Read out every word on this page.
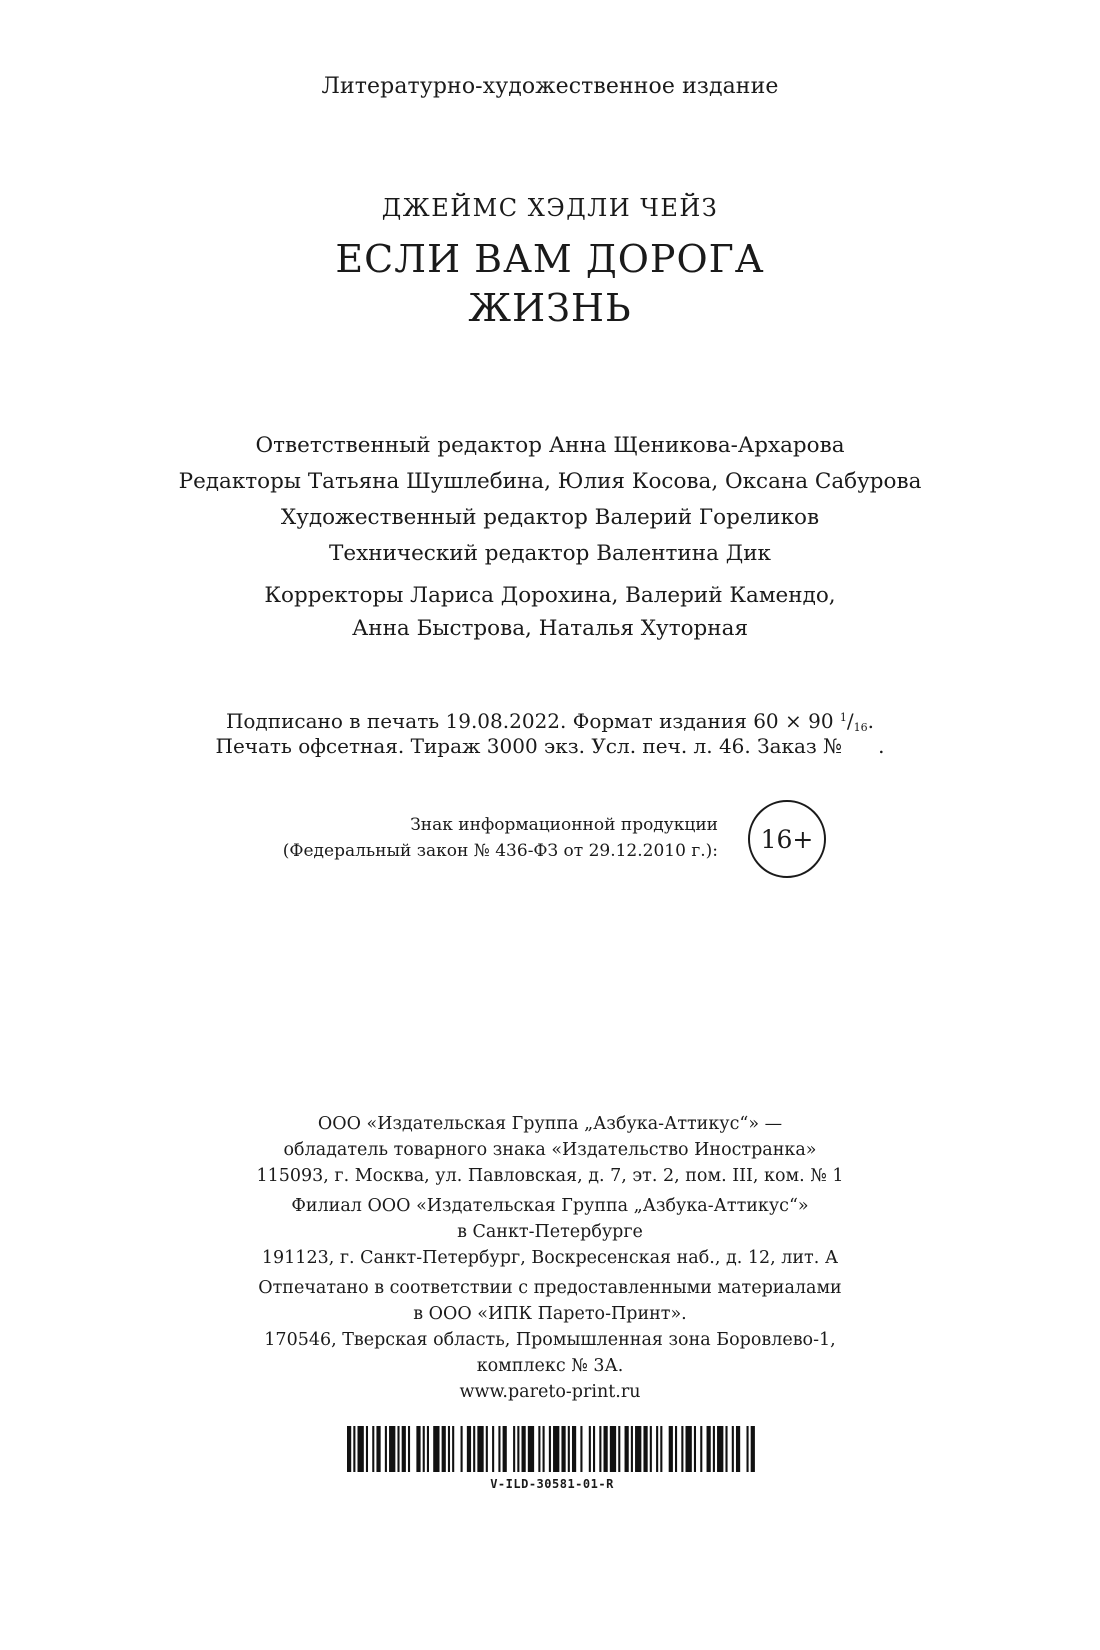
Литературно-художественное издание
ДЖЕЙМС ХЭДЛИ ЧЕЙЗ
ЕСЛИ ВАМ ДОРОГА
ЖИЗНЬ
Ответственный редактор Анна Щеникова-Архарова
Редакторы Татьяна Шушлебина, Юлия Косова, Оксана Сабурова
Художественный редактор Валерий Гореликов
Технический редактор Валентина Дик
Корректоры Лариса Дорохина, Валерий Камендо,
Анна Быстрова, Наталья Хуторная
Подписано в печать 19.08.2022. Формат издания 60 × 90 $^1/_{16}$.
Печать офсетная. Тираж 3000 экз. Усл. печ. л. 46. Заказ № .
Знак информационной продукции
(Федеральный закон № 436-ФЗ от 29.12.2010 г.): 16+
ООО «Издательская Группа „Азбука-Аттикус“» —
обладатель товарного знака «Издательство Иностранка»
115093, г. Москва, ул. Павловская, д. 7, эт. 2, пом. III, ком. № 1
Филиал ООО «Издательская Группа „Азбука-Аттикус“»
в Санкт-Петербурге
191123, г. Санкт-Петербург, Воскресенская наб., д. 12, лит. А
Отпечатано в соответствии с предоставленными материалами
в ООО «ИПК Парето-Принт».
170546, Тверская область, Промышленная зона Боровлево-1,
комплекс № 3А.
www.pareto-print.ru
V-ILD-30581-01-R
